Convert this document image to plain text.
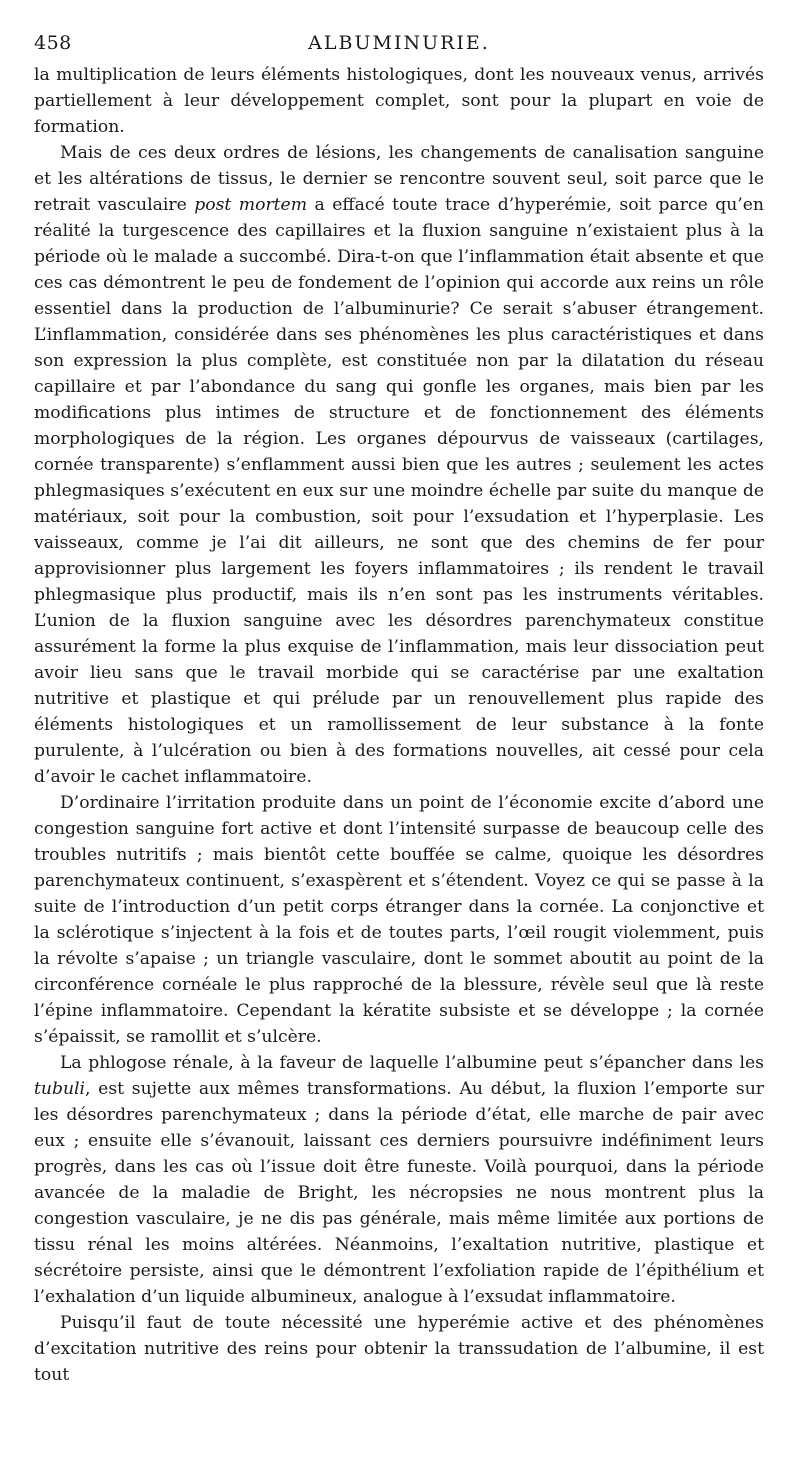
458	ALBUMINURIE.

la multiplication de leurs éléments histologiques, dont les nouveaux venus, arrivés partiellement à leur développement complet, sont pour la plupart en voie de formation.

Mais de ces deux ordres de lésions, les changements de canalisation sanguine et les altérations de tissus, le dernier se rencontre souvent seul, soit parce que le retrait vasculaire post mortem a effacé toute trace d’hyperémie, soit parce qu’en réalité la turgescence des capillaires et la fluxion sanguine n’existaient plus à la période où le malade a succombé. Dira-t-on que l’inflammation était absente et que ces cas démontrent le peu de fondement de l’opinion qui accorde aux reins un rôle essentiel dans la production de l’albuminurie? Ce serait s’abuser étrangement. L’inflammation, considérée dans ses phénomènes les plus caractéristiques et dans son expression la plus complète, est constituée non par la dilatation du réseau capillaire et par l’abondance du sang qui gonfle les organes, mais bien par les modifications plus intimes de structure et de fonctionnement des éléments morphologiques de la région. Les organes dépourvus de vaisseaux (cartilages, cornée transparente) s’enflamment aussi bien que les autres ; seulement les actes phlegmasiques s’exécutent en eux sur une moindre échelle par suite du manque de matériaux, soit pour la combustion, soit pour l’exsudation et l’hyperplasie. Les vaisseaux, comme je l’ai dit ailleurs, ne sont que des chemins de fer pour approvisionner plus largement les foyers inflammatoires ; ils rendent le travail phlegmasique plus productif, mais ils n’en sont pas les instruments véritables. L’union de la fluxion sanguine avec les désordres parenchymateux constitue assurément la forme la plus exquise de l’inflammation, mais leur dissociation peut avoir lieu sans que le travail morbide qui se caractérise par une exaltation nutritive et plastique et qui prélude par un renouvellement plus rapide des éléments histologiques et un ramollissement de leur substance à la fonte purulente, à l’ulcération ou bien à des formations nouvelles, ait cessé pour cela d’avoir le cachet inflammatoire.

D’ordinaire l’irritation produite dans un point de l’économie excite d’abord une congestion sanguine fort active et dont l’intensité surpasse de beaucoup celle des troubles nutritifs ; mais bientôt cette bouffée se calme, quoique les désordres parenchymateux continuent, s’exaspèrent et s’étendent. Voyez ce qui se passe à la suite de l’introduction d’un petit corps étranger dans la cornée. La conjonctive et la sclérotique s’injectent à la fois et de toutes parts, l’œil rougit violemment, puis la révolte s’apaise ; un triangle vasculaire, dont le sommet aboutit au point de la circonférence cornéale le plus rapproché de la blessure, révèle seul que là reste l’épine inflammatoire. Cependant la kératite subsiste et se développe ; la cornée s’épaissit, se ramollit et s’ulcère.

La phlogose rénale, à la faveur de laquelle l’albumine peut s’épancher dans les tubuli, est sujette aux mêmes transformations. Au début, la fluxion l’emporte sur les désordres parenchymateux ; dans la période d’état, elle marche de pair avec eux ; ensuite elle s’évanouit, laissant ces derniers poursuivre indéfiniment leurs progrès, dans les cas où l’issue doit être funeste. Voilà pourquoi, dans la période avancée de la maladie de Bright, les nécropsies ne nous montrent plus la congestion vasculaire, je ne dis pas générale, mais même limitée aux portions de tissu rénal les moins altérées. Néanmoins, l’exaltation nutritive, plastique et sécrétoire persiste, ainsi que le démontrent l’exfoliation rapide de l’épithélium et l’exhalation d’un liquide albumineux, analogue à l’exsudat inflammatoire.

Puisqu’il faut de toute nécessité une hyperémie active et des phénomènes d’excitation nutritive des reins pour obtenir la transsudation de l’albumine, il est tout
